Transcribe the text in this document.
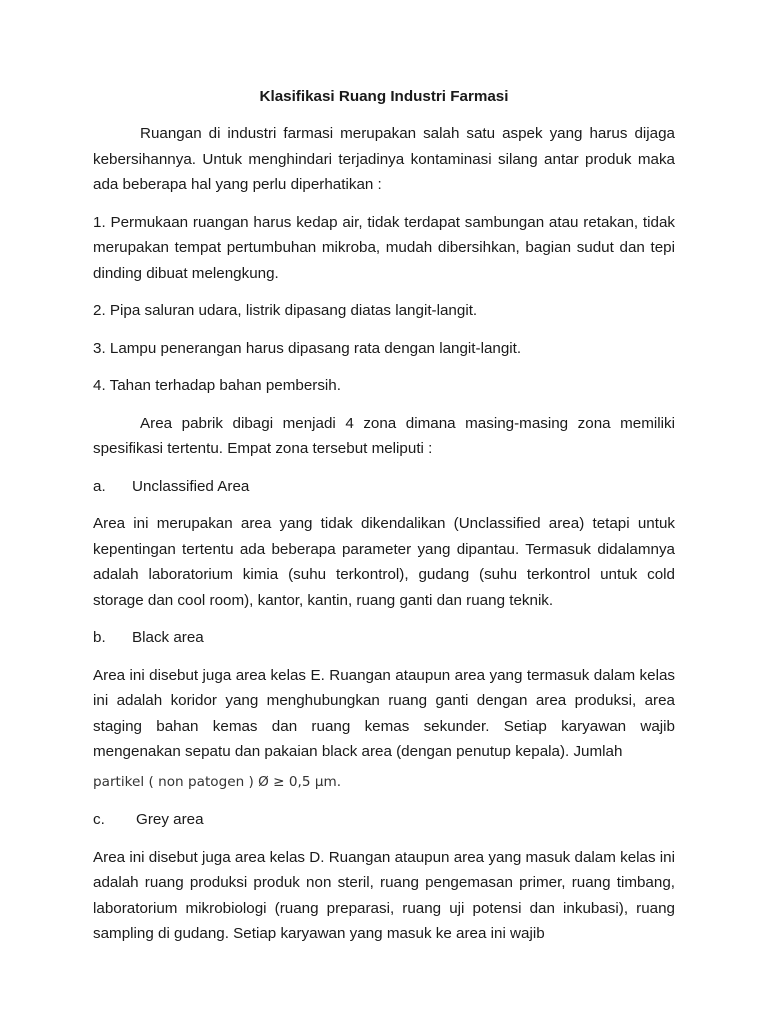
Klasifikasi Ruang Industri Farmasi

Ruangan di industri farmasi merupakan salah satu aspek yang harus dijaga kebersihannya. Untuk menghindari terjadinya kontaminasi silang antar produk maka ada beberapa hal yang perlu diperhatikan :

1. Permukaan ruangan harus kedap air, tidak terdapat sambungan atau retakan, tidak merupakan tempat pertumbuhan mikroba, mudah dibersihkan, bagian sudut dan tepi dinding dibuat melengkung.

2. Pipa saluran udara, listrik dipasang diatas langit-langit.

3. Lampu penerangan harus dipasang rata dengan langit-langit.

4. Tahan terhadap bahan pembersih.

Area pabrik dibagi menjadi 4 zona dimana masing-masing zona memiliki spesifikasi tertentu. Empat zona tersebut meliputi :

a.	Unclassified Area

Area ini merupakan area yang tidak dikendalikan (Unclassified area) tetapi untuk kepentingan tertentu ada beberapa parameter yang dipantau. Termasuk didalamnya adalah laboratorium kimia (suhu terkontrol), gudang (suhu terkontrol untuk cold storage dan cool room), kantor, kantin, ruang ganti dan ruang teknik.

b.	Black area

Area ini disebut juga area kelas E. Ruangan ataupun area yang termasuk dalam kelas ini adalah koridor yang menghubungkan ruang ganti dengan area produksi, area staging bahan kemas dan ruang kemas sekunder. Setiap karyawan wajib mengenakan sepatu dan pakaian black area (dengan penutup kepala). Jumlah

partikel ( non patogen ) Ø ≥ 0,5 μm.

c.	Grey area

Area ini disebut juga area kelas D. Ruangan ataupun area yang masuk dalam kelas ini adalah ruang produksi produk non steril, ruang pengemasan primer, ruang timbang, laboratorium mikrobiologi (ruang preparasi, ruang uji potensi dan inkubasi), ruang sampling di gudang. Setiap karyawan yang masuk ke area ini wajib
